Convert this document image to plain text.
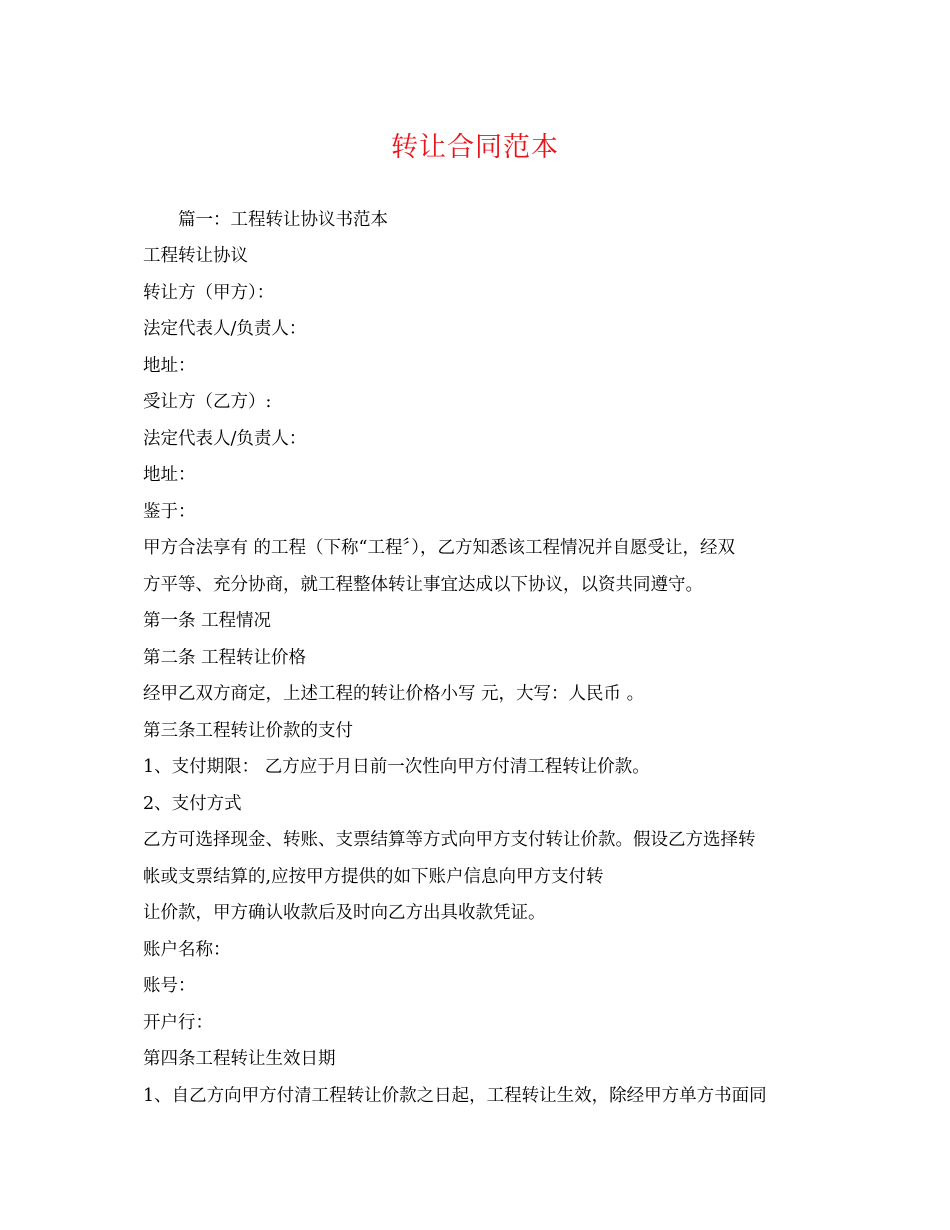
转让合同范本
篇一：工程转让协议书范本
工程转让协议
转让方（甲方）：
法定代表人/负责人：
地址：
受让方（乙方）:
法定代表人/负责人：
地址：
鉴于：
甲方合法享有 的工程（下称“工程〞），乙方知悉该工程情况并自愿受让，经双
方平等、充分协商，就工程整体转让事宜达成以下协议，以资共同遵守。
第一条 工程情况
第二条 工程转让价格
经甲乙双方商定，上述工程的转让价格小写 元，大写：人民币 。
第三条工程转让价款的支付
1、支付期限： 乙方应于月日前一次性向甲方付清工程转让价款。
2、支付方式
乙方可选择现金、转账、支票结算等方式向甲方支付转让价款。假设乙方选择转
帐或支票结算的,应按甲方提供的如下账户信息向甲方支付转
让价款，甲方确认收款后及时向乙方出具收款凭证。
账户名称：
账号：
开户行：
第四条工程转让生效日期
1、自乙方向甲方付清工程转让价款之日起，工程转让生效，除经甲方单方书面同
